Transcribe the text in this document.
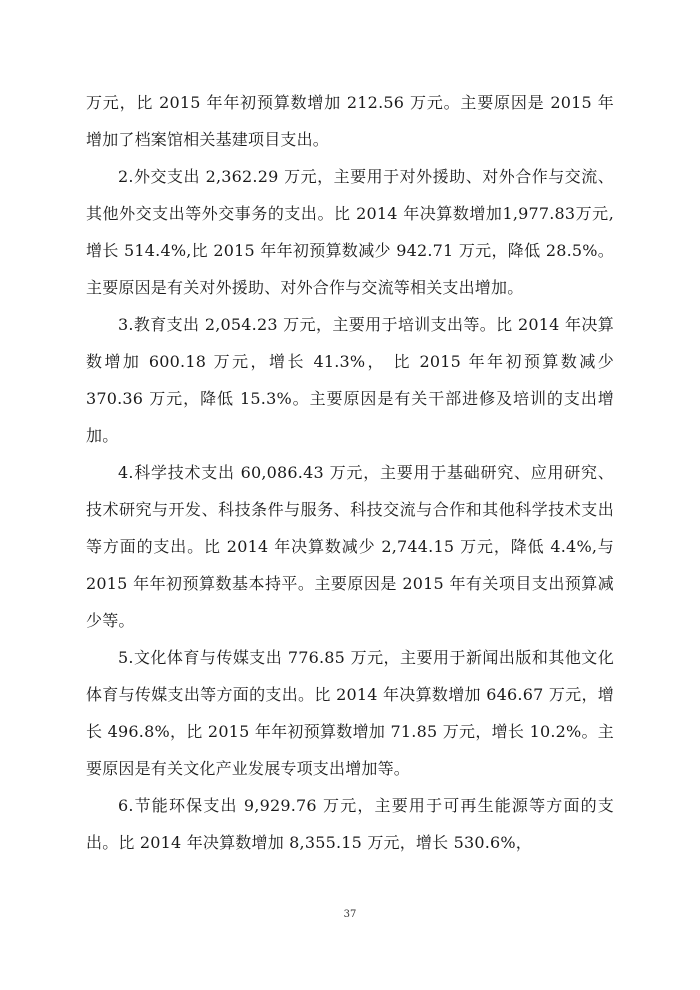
万元，比 2015 年年初预算数增加 212.56 万元。主要原因是 2015 年增加了档案馆相关基建项目支出。

2.外交支出 2,362.29 万元，主要用于对外援助、对外合作与交流、其他外交支出等外交事务的支出。比 2014 年决算数增加1,977.83万元,增长 514.4%,比 2015 年年初预算数减少 942.71 万元，降低 28.5%。主要原因是有关对外援助、对外合作与交流等相关支出增加。

3.教育支出 2,054.23 万元，主要用于培训支出等。比 2014 年决算数增加 600.18 万元，增长 41.3%， 比 2015 年年初预算数减少 370.36 万元，降低 15.3%。主要原因是有关干部进修及培训的支出增加。

4.科学技术支出 60,086.43 万元，主要用于基础研究、应用研究、技术研究与开发、科技条件与服务、科技交流与合作和其他科学技术支出等方面的支出。比 2014 年决算数减少 2,744.15 万元，降低 4.4%,与 2015 年年初预算数基本持平。主要原因是 2015 年有关项目支出预算减少等。

5.文化体育与传媒支出 776.85 万元，主要用于新闻出版和其他文化体育与传媒支出等方面的支出。比 2014 年决算数增加 646.67 万元，增长 496.8%，比 2015 年年初预算数增加 71.85 万元，增长 10.2%。主要原因是有关文化产业发展专项支出增加等。

6.节能环保支出 9,929.76 万元，主要用于可再生能源等方面的支出。比 2014 年决算数增加 8,355.15 万元，增长 530.6%，

37
